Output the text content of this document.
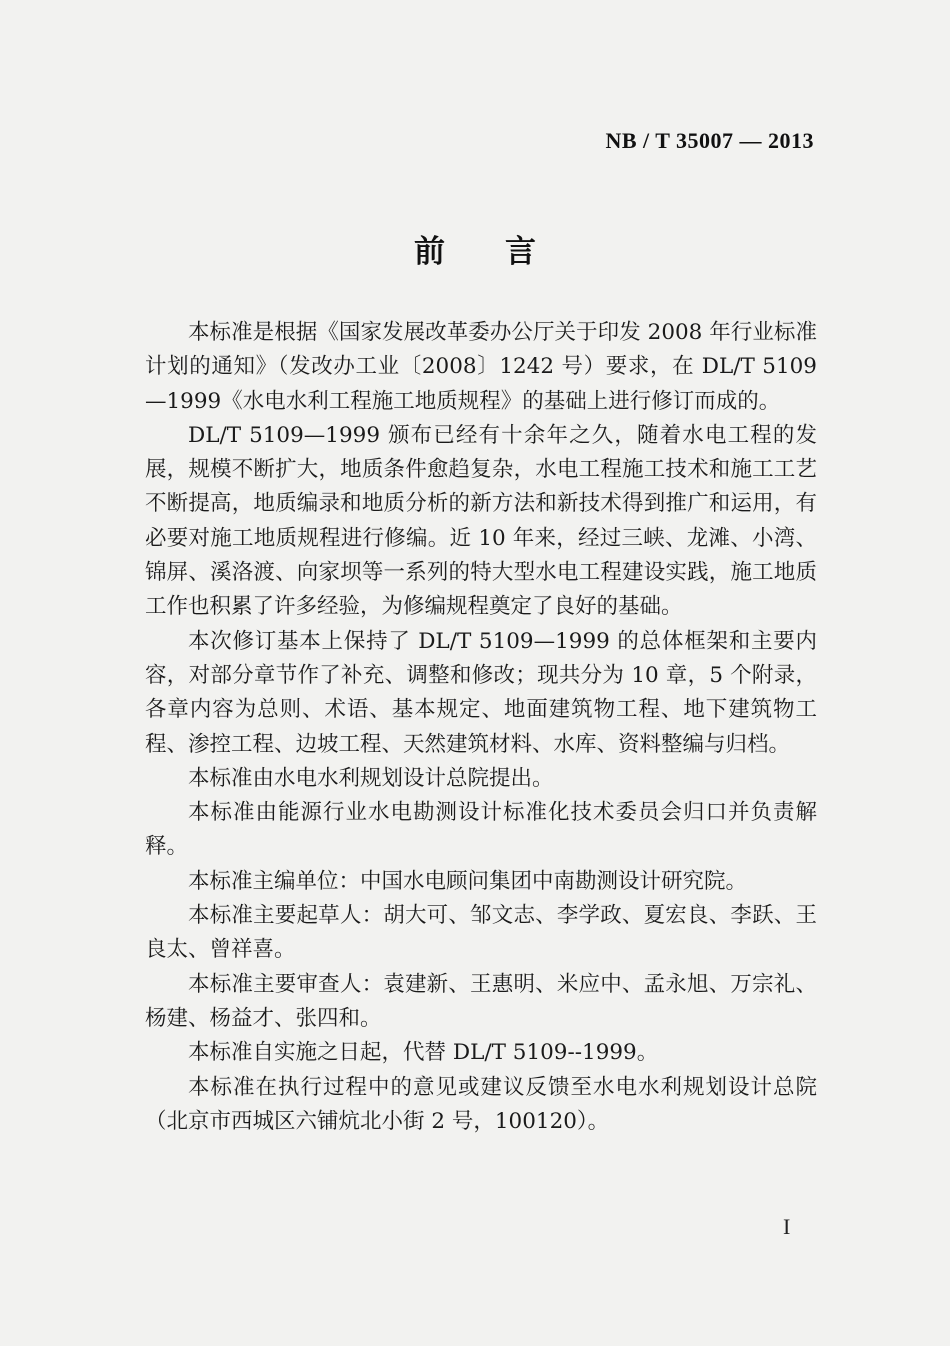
NB / T 35007 — 2013
前 言

本标准是根据《国家发展改革委办公厅关于印发 2008 年行业标准计划的通知》（发改办工业〔2008〕1242 号）要求，在 DL/T 5109—1999《水电水利工程施工地质规程》的基础上进行修订而成的。

DL/T 5109—1999 颁布已经有十余年之久，随着水电工程的发展，规模不断扩大，地质条件愈趋复杂，水电工程施工技术和施工工艺不断提高，地质编录和地质分析的新方法和新技术得到推广和运用，有必要对施工地质规程进行修编。近 10 年来，经过三峡、龙滩、小湾、锦屏、溪洛渡、向家坝等一系列的特大型水电工程建设实践，施工地质工作也积累了许多经验，为修编规程奠定了良好的基础。

本次修订基本上保持了 DL/T 5109—1999 的总体框架和主要内容，对部分章节作了补充、调整和修改；现共分为 10 章，5 个附录，各章内容为总则、术语、基本规定、地面建筑物工程、地下建筑物工程、渗控工程、边坡工程、天然建筑材料、水库、资料整编与归档。

本标准由水电水利规划设计总院提出。

本标准由能源行业水电勘测设计标准化技术委员会归口并负责解释。

本标准主编单位：中国水电顾问集团中南勘测设计研究院。

本标准主要起草人：胡大可、邹文志、李学政、夏宏良、李跃、王良太、曾祥喜。

本标准主要审查人：袁建新、王惠明、米应中、孟永旭、万宗礼、杨建、杨益才、张四和。

本标准自实施之日起，代替 DL/T 5109--1999。

本标准在执行过程中的意见或建议反馈至水电水利规划设计总院（北京市西城区六铺炕北小街 2 号，100120）。

I
